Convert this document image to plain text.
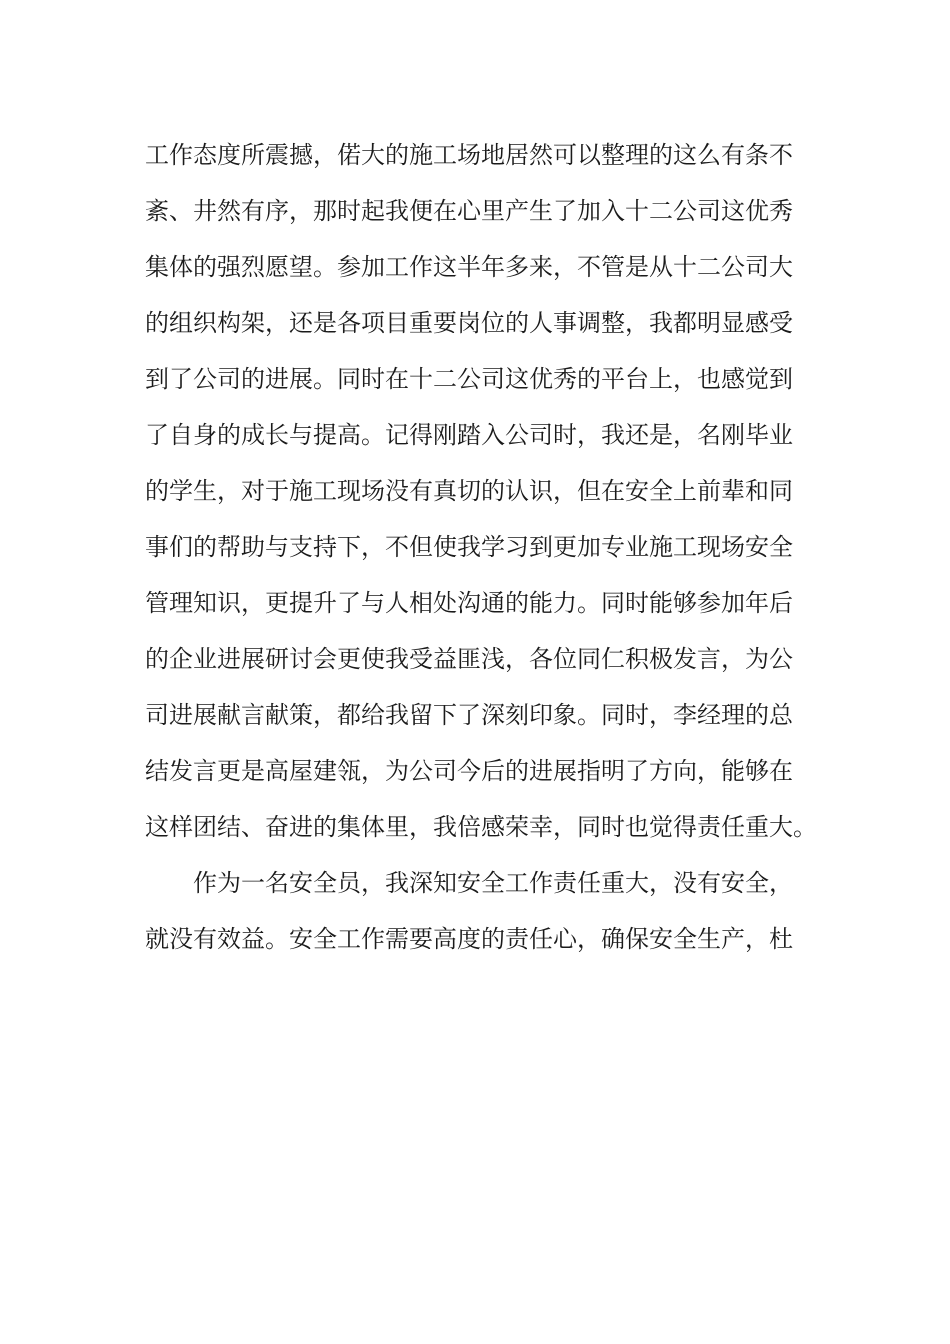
工作态度所震撼，偌大的施工场地居然可以整理的这么有条不
紊、井然有序，那时起我便在心里产生了加入十二公司这优秀
集体的强烈愿望。参加工作这半年多来，不管是从十二公司大
的组织构架，还是各项目重要岗位的人事调整，我都明显感受
到了公司的进展。同时在十二公司这优秀的平台上，也感觉到
了自身的成长与提高。记得刚踏入公司时，我还是，名刚毕业
的学生，对于施工现场没有真切的认识，但在安全上前辈和同
事们的帮助与支持下，不但使我学习到更加专业施工现场安全
管理知识，更提升了与人相处沟通的能力。同时能够参加年后
的企业进展研讨会更使我受益匪浅，各位同仁积极发言，为公
司进展献言献策，都给我留下了深刻印象。同时，李经理的总
结发言更是高屋建瓴，为公司今后的进展指明了方向，能够在
这样团结、奋进的集体里，我倍感荣幸，同时也觉得责任重大。
作为一名安全员，我深知安全工作责任重大，没有安全，
就没有效益。安全工作需要高度的责任心，确保安全生产，杜
